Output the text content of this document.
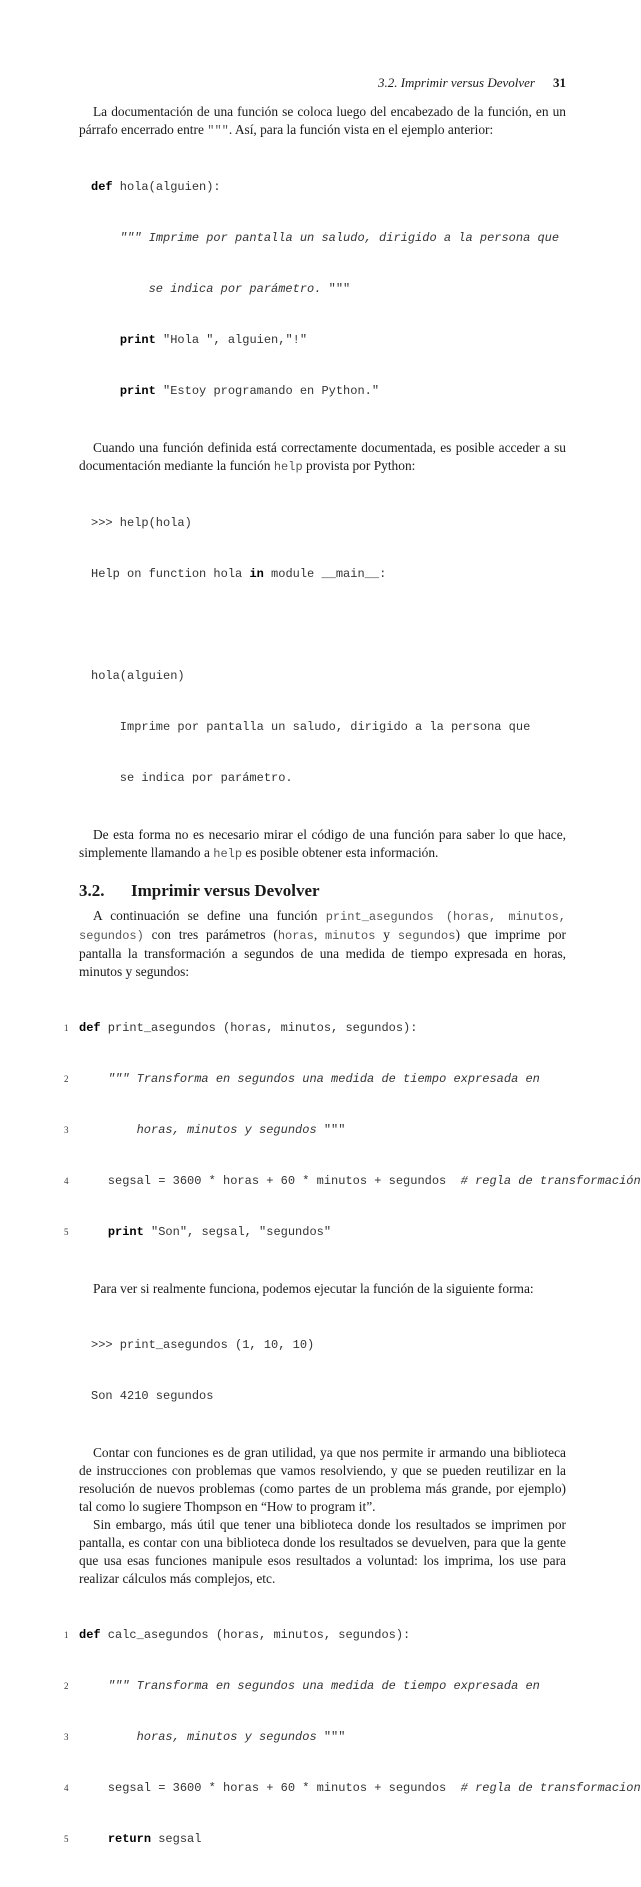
3.2. Imprimir versus Devolver 31

La documentación de una función se coloca luego del encabezado de la función, en un párrafo encerrado entre """. Así, para la función vista en el ejemplo anterior:

def hola(alguien):

""" Imprime por pantalla un saludo, dirigido a la persona que

se indica por parámetro. """

print "Hola ", alguien,"!"

print "Estoy programando en Python."

Cuando una función definida está correctamente documentada, es posible acceder a su documentación mediante la función help provista por Python:

>>> help(hola)

Help on function hola in module __main__:

hola(alguien)

Imprime por pantalla un saludo, dirigido a la persona que

se indica por parámetro.

De esta forma no es necesario mirar el código de una función para saber lo que hace, simplemente llamando a help es posible obtener esta información.

3.2. Imprimir versus Devolver

A continuación se define una función print_asegundos (horas, minutos, segundos) con tres parámetros (horas, minutos y segundos) que imprime por pantalla la transformación a segundos de una medida de tiempo expresada en horas, minutos y segundos:

1 def print_asegundos (horas, minutos, segundos):

2	""" Transforma en segundos una medida de tiempo expresada en

3 horas, minutos y segundos """

4 segsal = 3600 * horas + 60 * minutos + segundos  # regla de transformación

5	print "Son", segsal, "segundos"

Para ver si realmente funciona, podemos ejecutar la función de la siguiente forma:

>>> print_asegundos (1, 10, 10)

Son 4210 segundos

Contar con funciones es de gran utilidad, ya que nos permite ir armando una biblioteca de instrucciones con problemas que vamos resolviendo, y que se pueden reutilizar en la resolución de nuevos problemas (como partes de un problema más grande, por ejemplo) tal como lo sugiere Thompson en “How to program it”.

Sin embargo, más útil que tener una biblioteca donde los resultados se imprimen por pantalla, es contar con una biblioteca donde los resultados se devuelven, para que la gente que usa esas funciones manipule esos resultados a voluntad: los imprima, los use para realizar cálculos más complejos, etc.

1 def calc_asegundos (horas, minutos, segundos):

2	""" Transforma en segundos una medida de tiempo expresada en

3 horas, minutos y segundos """

4 segsal = 3600 * horas + 60 * minutos + segundos  # regla de transformacion

5	return segsal
